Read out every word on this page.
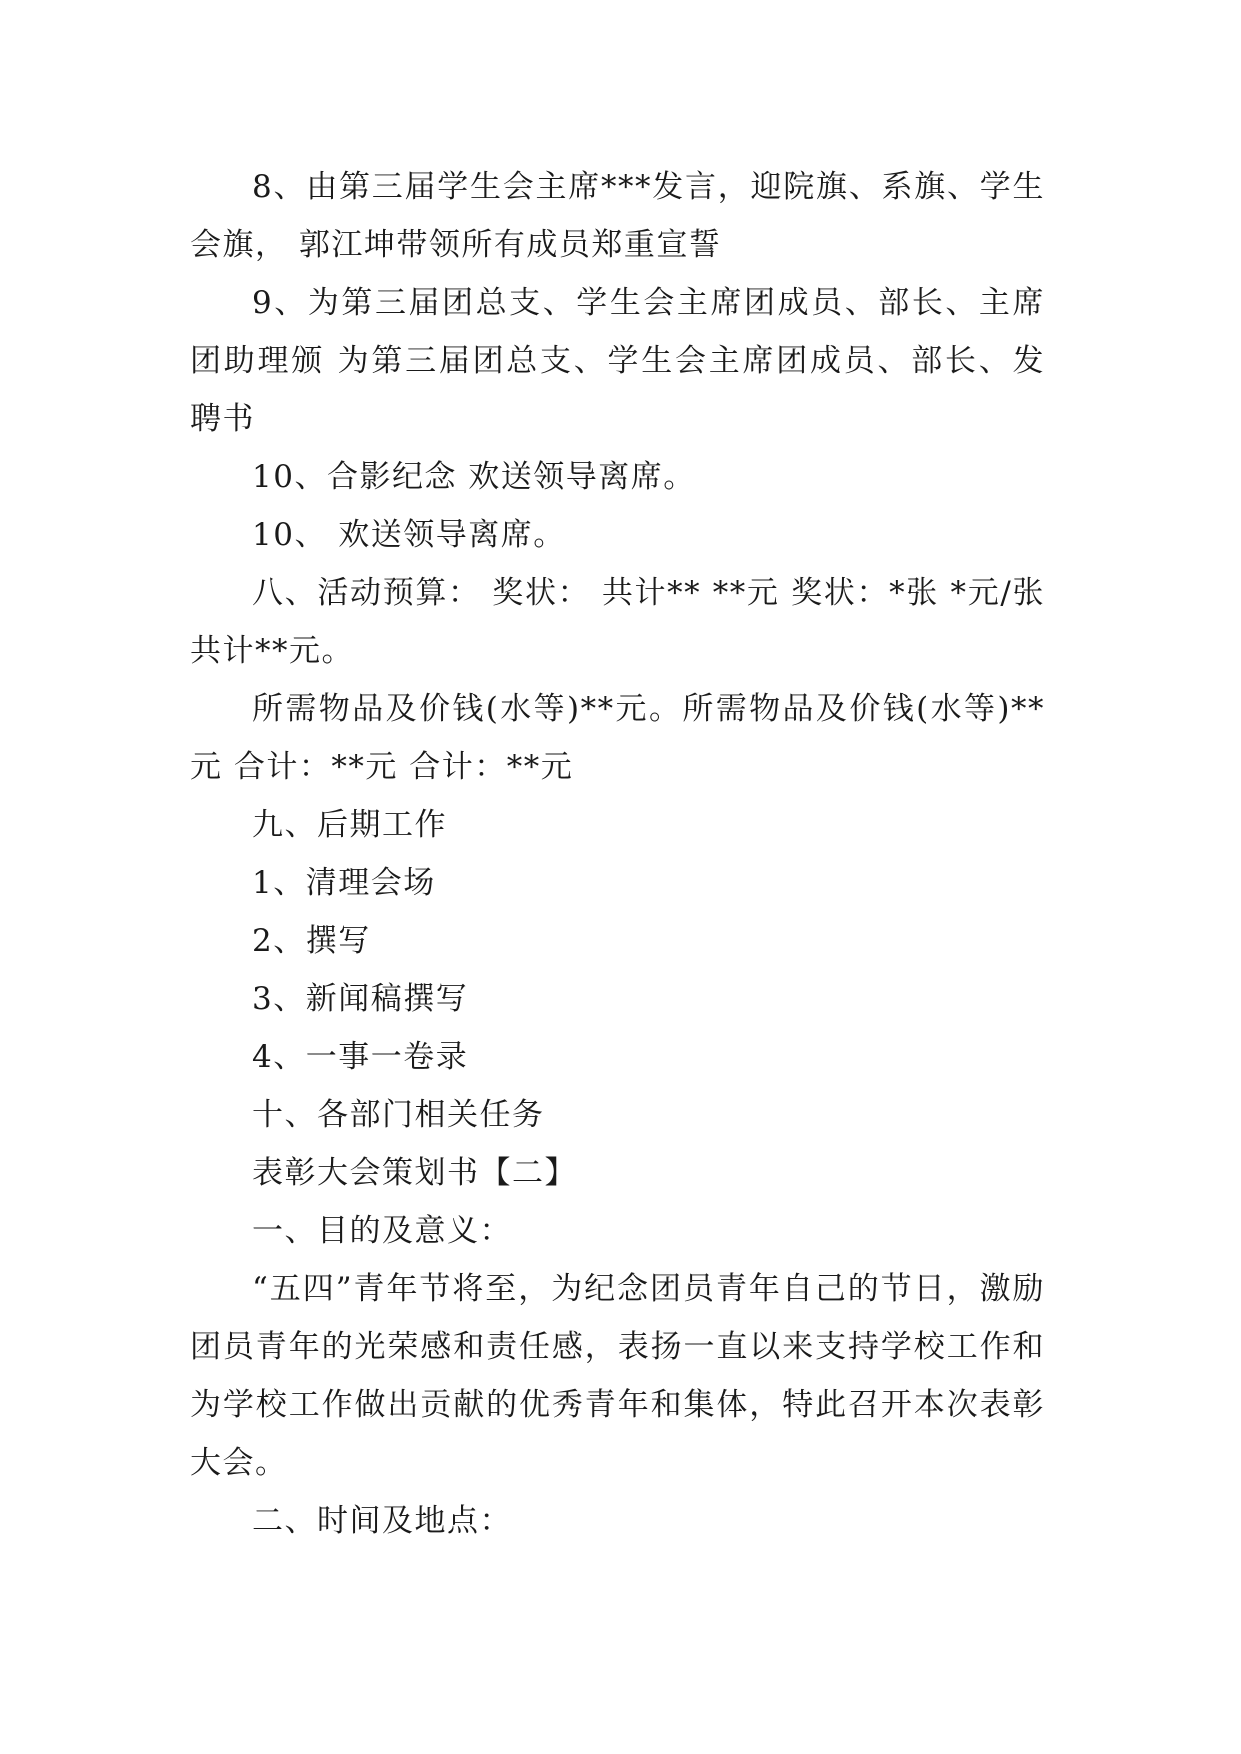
8、由第三届学生会主席***发言，迎院旗、系旗、学生会旗， 郭江坤带领所有成员郑重宣誓

9、为第三届团总支、学生会主席团成员、部长、主席团助理颁 为第三届团总支、学生会主席团成员、部长、发聘书

10、合影纪念 欢送领导离席。

10、 欢送领导离席。

八、活动预算： 奖状： 共计** **元 奖状：*张 *元/张 共计**元。

所需物品及价钱(水等)**元。所需物品及价钱(水等)**元 合计：**元 合计：**元

九、后期工作

1、清理会场

2、撰写

3、新闻稿撰写

4、一事一卷录

十、各部门相关任务

表彰大会策划书【二】

一、目的及意义：

“五四”青年节将至，为纪念团员青年自己的节日，激励团员青年的光荣感和责任感，表扬一直以来支持学校工作和为学校工作做出贡献的优秀青年和集体，特此召开本次表彰大会。

二、时间及地点：
